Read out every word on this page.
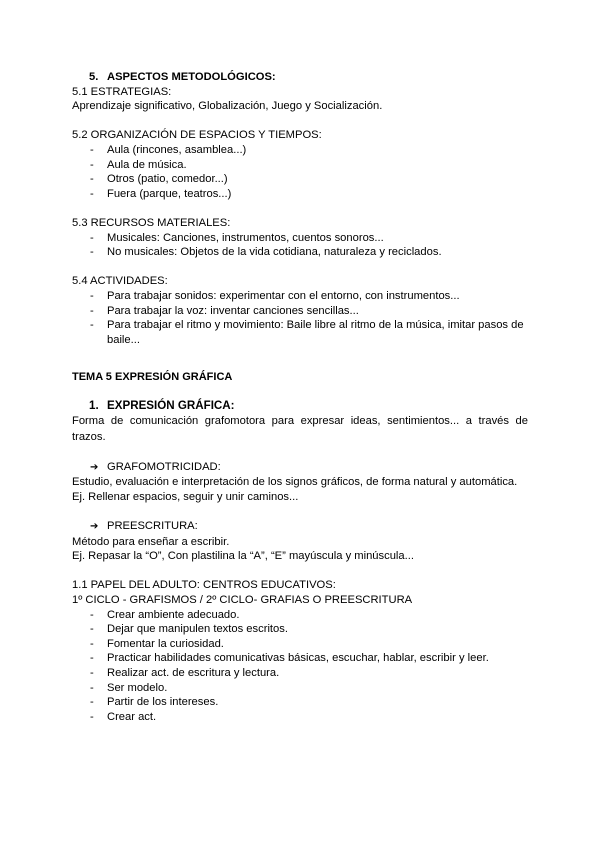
5. ASPECTOS METODOLÓGICOS:
5.1 ESTRATEGIAS:
Aprendizaje significativo, Globalización, Juego y Socialización.
5.2 ORGANIZACIÓN DE ESPACIOS Y TIEMPOS:
- Aula (rincones, asamblea...)
- Aula de música.
- Otros (patio, comedor...)
- Fuera (parque, teatros...)
5.3 RECURSOS MATERIALES:
- Musicales: Canciones, instrumentos, cuentos sonoros...
- No musicales: Objetos de la vida cotidiana, naturaleza y reciclados.
5.4 ACTIVIDADES:
- Para trabajar sonidos: experimentar con el entorno, con instrumentos...
- Para trabajar la voz: inventar canciones sencillas...
- Para trabajar el ritmo y movimiento: Baile libre al ritmo de la música, imitar pasos de baile...
TEMA 5 EXPRESIÓN GRÁFICA
1. EXPRESIÓN GRÁFICA:
Forma de comunicación grafomotora para expresar ideas, sentimientos... a través de trazos.
➔ GRAFOMOTRICIDAD:
Estudio, evaluación e interpretación de los signos gráficos, de forma natural y automática.
Ej. Rellenar espacios, seguir y unir caminos...
➔ PREESCRITURA:
Método para enseñar a escribir.
Ej. Repasar la “O”, Con plastilina la “A”, “E” mayúscula y minúscula...
1.1 PAPEL DEL ADULTO: CENTROS EDUCATIVOS:
1º CICLO - GRAFISMOS / 2º CICLO- GRAFIAS O PREESCRITURA
- Crear ambiente adecuado.
- Dejar que manipulen textos escritos.
- Fomentar la curiosidad.
- Practicar habilidades comunicativas básicas, escuchar, hablar, escribir y leer.
- Realizar act. de escritura y lectura.
- Ser modelo.
- Partir de los intereses.
- Crear act.
